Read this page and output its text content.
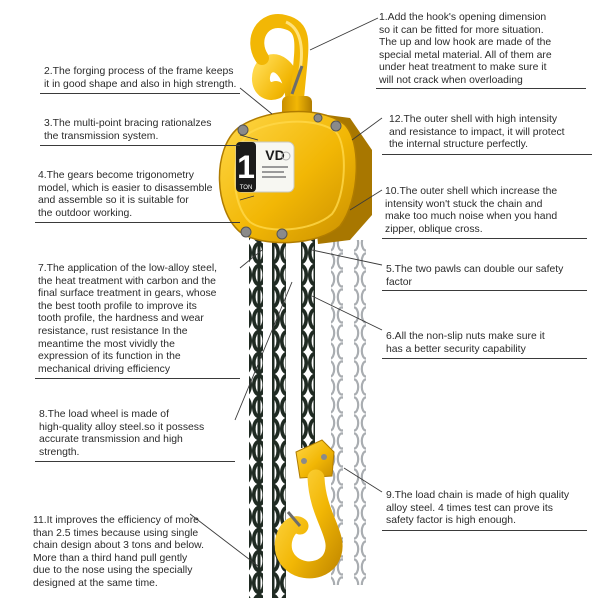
1
TON
VD
1.Add the hook's opening dimension
so it can be fitted for more situation.
The up and low hook are made of the
special metal material. All of them are
under heat treatment to make sure it
will not crack when overloading
12.The outer shell with high intensity
and resistance to impact, it will protect
the internal structure perfectly.
10.The outer shell which increase the
intensity won't stuck the chain and
make too much noise when you hand
zipper, oblique cross.
5.The two pawls can double our safety
factor
6.All the non-slip nuts make sure it
has a better security capability
9.The load chain is made of high quality
alloy steel. 4 times test can prove its
safety factor is high enough.
2.The forging process of the frame keeps
it in good shape and also in high strength.
3.The multi-point bracing rationalzes
the transmission system.
4.The gears become trigonometry
model, which is easier to disassemble
and assemble so it is suitable for
the outdoor working.
7.The application of the low-alloy steel,
the heat treatment with carbon and the
final surface treatment in gears, whose
the best tooth profile to improve its
tooth profile, the hardness and wear
resistance, rust resistance In the
meantime the most vividly the
expression of its function in the
mechanical driving efficiency
8.The load wheel is made of
high-quality alloy steel.so it possess
accurate transmission and high
strength.
11.It improves the efficiency of more
than 2.5 times because using single
chain design about 3 tons and below.
More than a third hand pull gently
due to the nose using the specially
designed at the same time.
